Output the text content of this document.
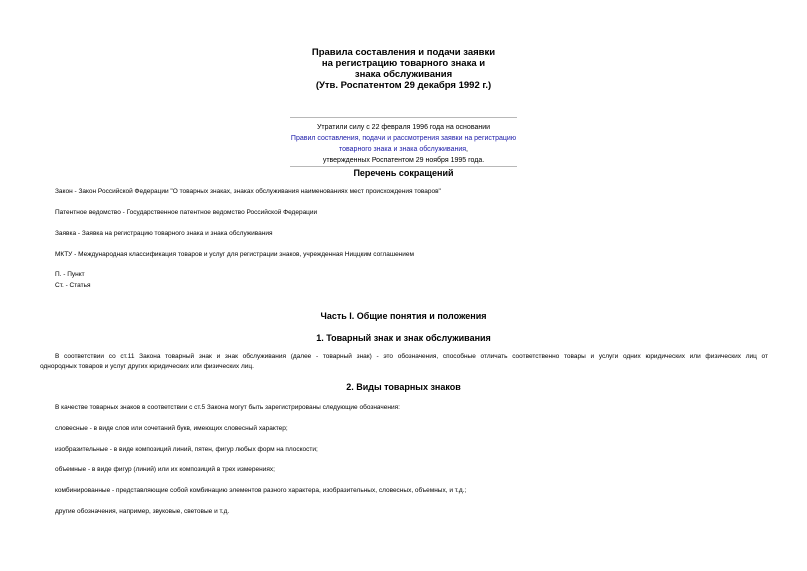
Правила составления и подачи заявки
на регистрацию товарного знака и
знака обслуживания
(Утв. Роспатентом 29 декабря 1992 г.)
Утратили силу с 22 февраля 1996 года на основании
Правил составления, подачи и рассмотрения заявки на регистрацию
товарного знака и знака обслуживания,
утвержденных Роспатентом 29 ноября 1995 года.
Перечень сокращений
Закон - Закон Российской Федерации "О товарных знаках, знаках обслуживания наименованиях мест происхождения товаров"
Патентное ведомство - Государственное патентное ведомство Российской Федерации
Заявка - Заявка на регистрацию товарного знака и знака обслуживания
МКТУ - Международная классификация товаров и услуг для регистрации знаков, учрежденная Ниццким соглашением
П. - Пункт
Ст. - Статья
Часть I. Общие понятия и положения
1. Товарный знак и знак обслуживания
В соответствии со ст.11 Закона товарный знак и знак обслуживания (далее - товарный знак) - это обозначения, способные отличать соответственно товары и услуги одних юридических или физических лиц от
однородных товаров и услуг других юридических или физических лиц.
2. Виды товарных знаков
В качестве товарных знаков в соответствии с ст.5 Закона могут быть зарегистрированы следующие обозначения:
словесные - в виде слов или сочетаний букв, имеющих словесный характер;
изобразительные - в виде композиций линий, пятен, фигур любых форм на плоскости;
объемные - в виде фигур (линий) или их композиций в трех измерениях;
комбинированные - представляющие собой комбинацию элементов разного характера, изобразительных, словесных, объемных, и т.д.;
другие обозначения, например, звуковые, световые и т.д.
